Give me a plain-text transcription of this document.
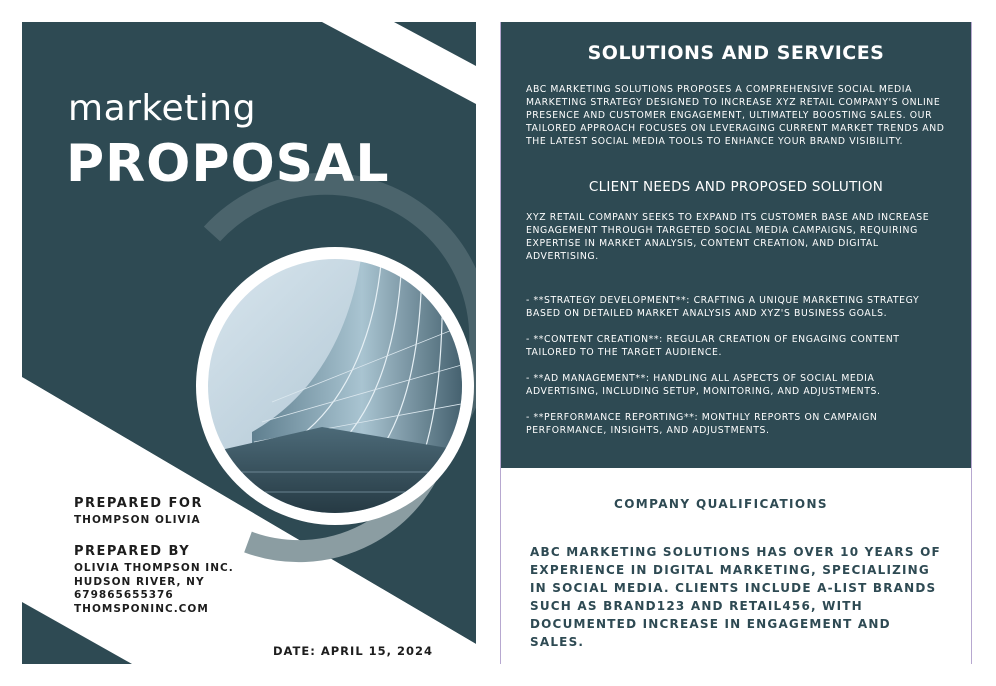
marketing
PROPOSAL
PREPARED FOR
THOMPSON OLIVIA
PREPARED BY
OLIVIA THOMPSON INC.
HUDSON RIVER, NY
679865655376
THOMSPONINC.COM
DATE: APRIL 15, 2024
SOLUTIONS AND SERVICES
ABC MARKETING SOLUTIONS PROPOSES A COMPREHENSIVE SOCIAL MEDIA MARKETING STRATEGY DESIGNED TO INCREASE XYZ RETAIL COMPANY'S ONLINE PRESENCE AND CUSTOMER ENGAGEMENT, ULTIMATELY BOOSTING SALES. OUR TAILORED APPROACH FOCUSES ON LEVERAGING CURRENT MARKET TRENDS AND THE LATEST SOCIAL MEDIA TOOLS TO ENHANCE YOUR BRAND VISIBILITY.
CLIENT NEEDS AND PROPOSED SOLUTION
XYZ RETAIL COMPANY SEEKS TO EXPAND ITS CUSTOMER BASE AND INCREASE ENGAGEMENT THROUGH TARGETED SOCIAL MEDIA CAMPAIGNS, REQUIRING EXPERTISE IN MARKET ANALYSIS, CONTENT CREATION, AND DIGITAL ADVERTISING.
- **STRATEGY DEVELOPMENT**: CRAFTING A UNIQUE MARKETING STRATEGY BASED ON DETAILED MARKET ANALYSIS AND XYZ'S BUSINESS GOALS.
- **CONTENT CREATION**: REGULAR CREATION OF ENGAGING CONTENT TAILORED TO THE TARGET AUDIENCE.
- **AD MANAGEMENT**: HANDLING ALL ASPECTS OF SOCIAL MEDIA ADVERTISING, INCLUDING SETUP, MONITORING, AND ADJUSTMENTS.
- **PERFORMANCE REPORTING**: MONTHLY REPORTS ON CAMPAIGN PERFORMANCE, INSIGHTS, AND ADJUSTMENTS.
COMPANY QUALIFICATIONS
ABC MARKETING SOLUTIONS HAS OVER 10 YEARS OF EXPERIENCE IN DIGITAL MARKETING, SPECIALIZING IN SOCIAL MEDIA. CLIENTS INCLUDE A-LIST BRANDS SUCH AS BRAND123 AND RETAIL456, WITH DOCUMENTED INCREASE IN ENGAGEMENT AND SALES.
